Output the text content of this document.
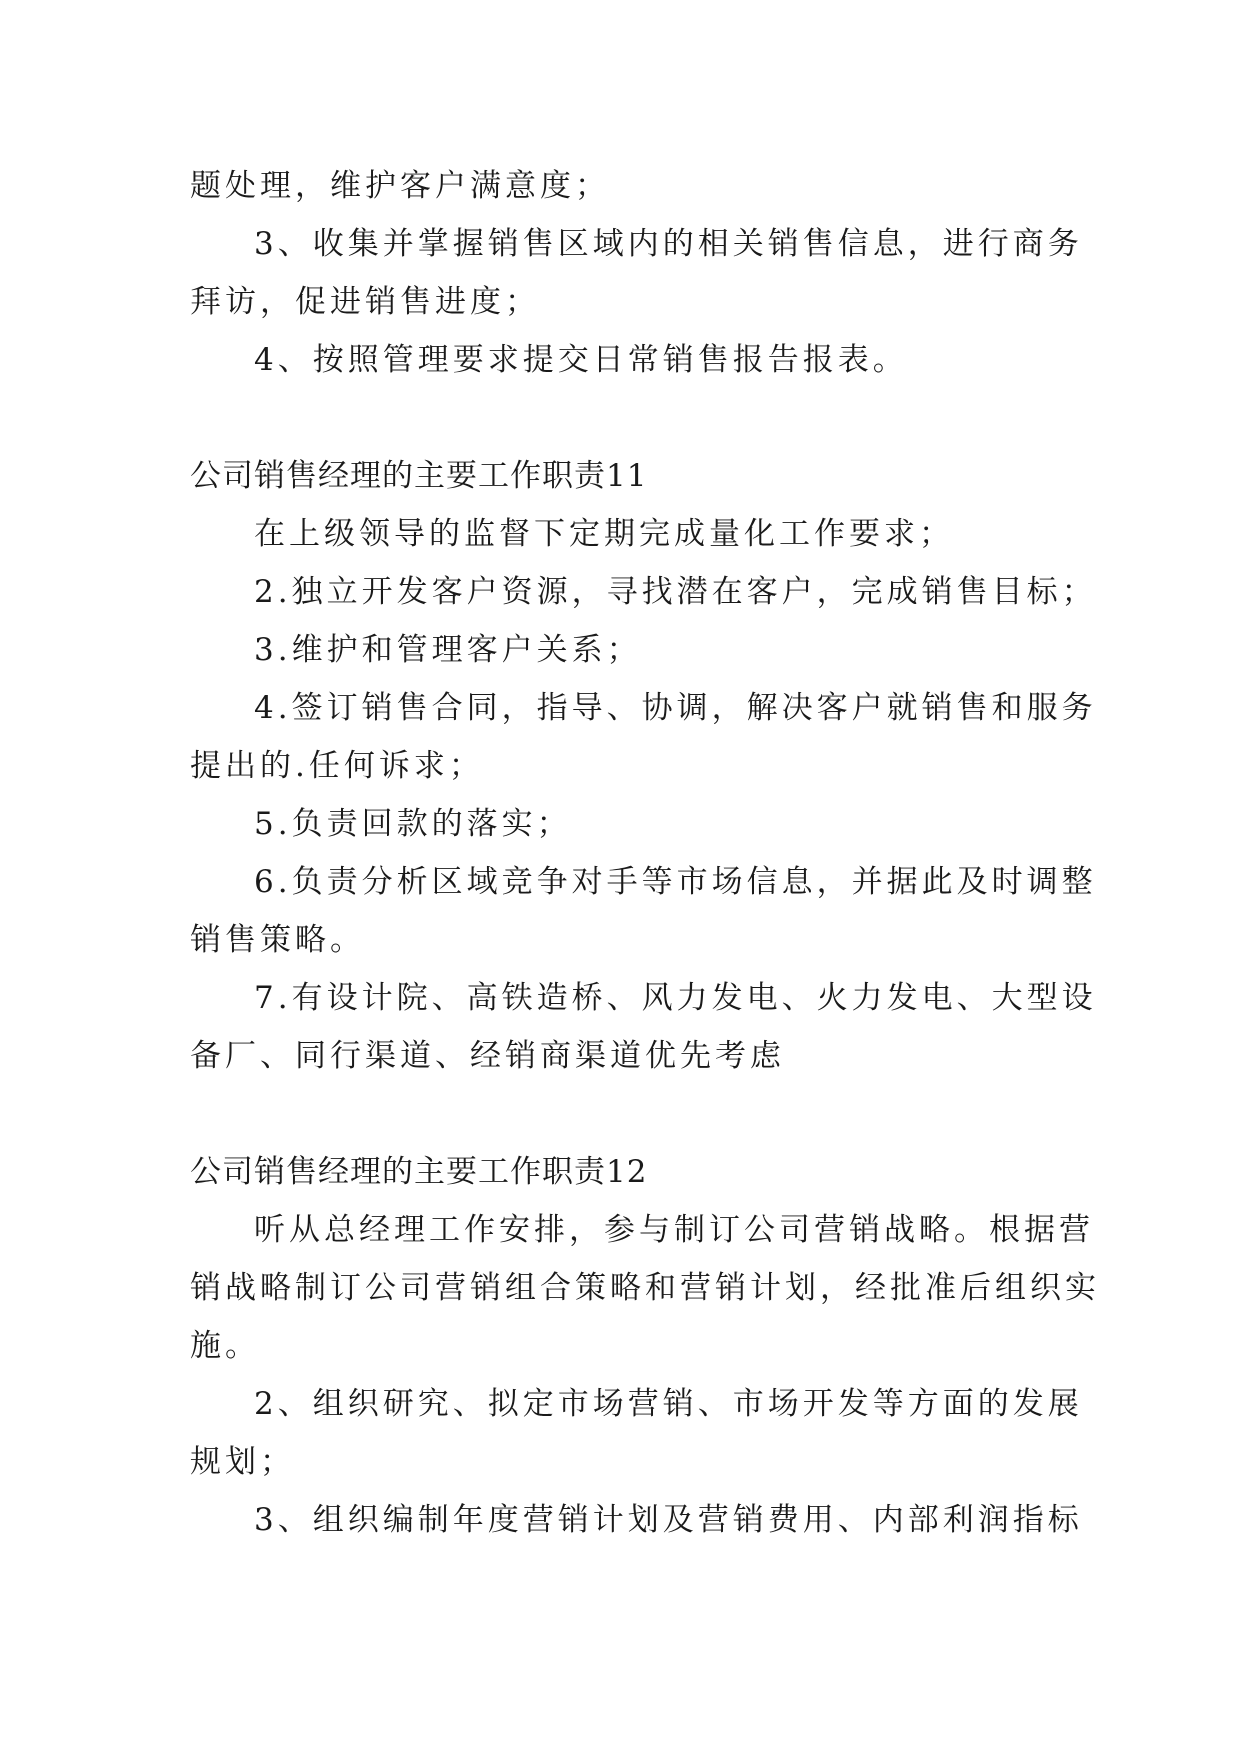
题处理，维护客户满意度；
3、收集并掌握销售区域内的相关销售信息，进行商务
拜访，促进销售进度；
4、按照管理要求提交日常销售报告报表。
公司销售经理的主要工作职责11
在上级领导的监督下定期完成量化工作要求；
2.独立开发客户资源，寻找潜在客户，完成销售目标；
3.维护和管理客户关系；
4.签订销售合同，指导、协调，解决客户就销售和服务
提出的.任何诉求；
5.负责回款的落实；
6.负责分析区域竞争对手等市场信息，并据此及时调整
销售策略。
7.有设计院、高铁造桥、风力发电、火力发电、大型设
备厂、同行渠道、经销商渠道优先考虑
公司销售经理的主要工作职责12
听从总经理工作安排，参与制订公司营销战略。根据营
销战略制订公司营销组合策略和营销计划，经批准后组织实
施。
2、组织研究、拟定市场营销、市场开发等方面的发展
规划；
3、组织编制年度营销计划及营销费用、内部利润指标
